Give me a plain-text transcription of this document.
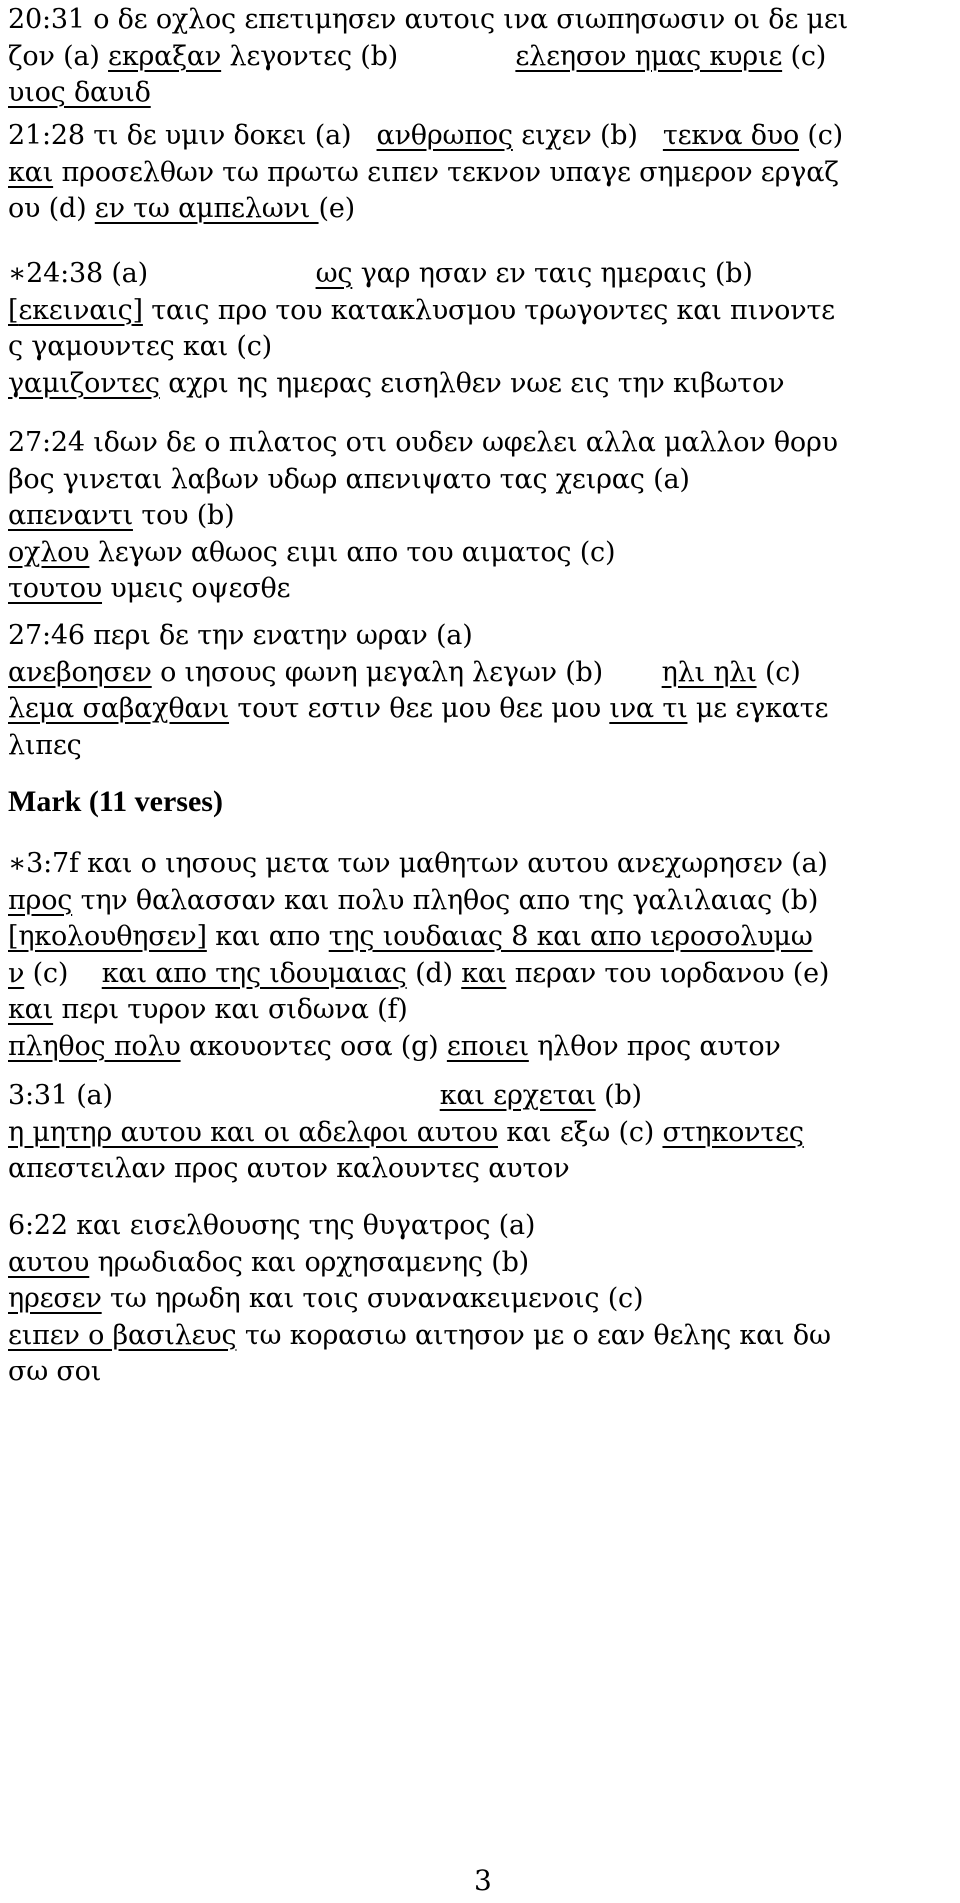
20:31 ο δε οχλος επετιμησεν αυτοις ινα σιωπησωσιν οι δε μει
ζον (a) εκραξαν λεγοντες (b)              ελεησον ημας κυριε (c)
υιος δαυιδ
21:28 τι δε υμιν δοκει (a)   ανθρωπος ειχεν (b)   τεκνα δυο (c)
και προσελθων τω πρωτω ειπεν τεκνον υπαγε σημερον εργαζ
ου (d) εν τω αμπελωνι (e)
∗24:38 (a)                    ως γαρ ησαν εν ταις ημεραις (b)
[εκειναις] ταις προ του κατακλυσμου τρωγοντες και πινοντε
ς γαμουντες και (c)
γαμιζοντες αχρι ης ημερας εισηλθεν νωε εις την κιβωτον
27:24 ιδων δε ο πιλατος οτι ουδεν ωφελει αλλα μαλλον θορυ
βος γινεται λαβων υδωρ απενιψατο τας χειρας (a)
απεναντι του (b)
οχλου λεγων αθωος ειμι απο του αιματος (c)
τουτου υμεις οψεσθε
27:46 περι δε την ενατην ωραν (a)
ανεβοησεν ο ιησους φωνη μεγαλη λεγων (b)       ηλι ηλι (c)
λεμα σαβαχθανι τουτ εστιν θεε μου θεε μου ινα τι με εγκατε
λιπες
Mark (11 verses)
∗3:7f και ο ιησους μετα των μαθητων αυτου ανεχωρησεν (a)
προς την θαλασσαν και πολυ πληθος απο της γαλιλαιας (b)
[ηκολουθησεν] και απο της ιουδαιας 8 και απο ιεροσολυμω
ν (c)    και απο της ιδουμαιας (d) και περαν του ιορδανου (e)
και περι τυρον και σιδωνα (f)
πληθος πολυ ακουοντες οσα (g) εποιει ηλθον προς αυτον
3:31 (a)                                       και ερχεται (b)
η μητηρ αυτου και οι αδελφοι αυτου και εξω (c) στηκοντες
απεστειλαν προς αυτον καλουντες αυτον
6:22 και εισελθουσης της θυγατρος (a)
αυτου ηρωδιαδος και ορχησαμενης (b)
ηρεσεν τω ηρωδη και τοις συνανακειμενοις (c)
ειπεν ο βασιλευς τω κορασιω αιτησον με ο εαν θελης και δω
σω σοι
3
